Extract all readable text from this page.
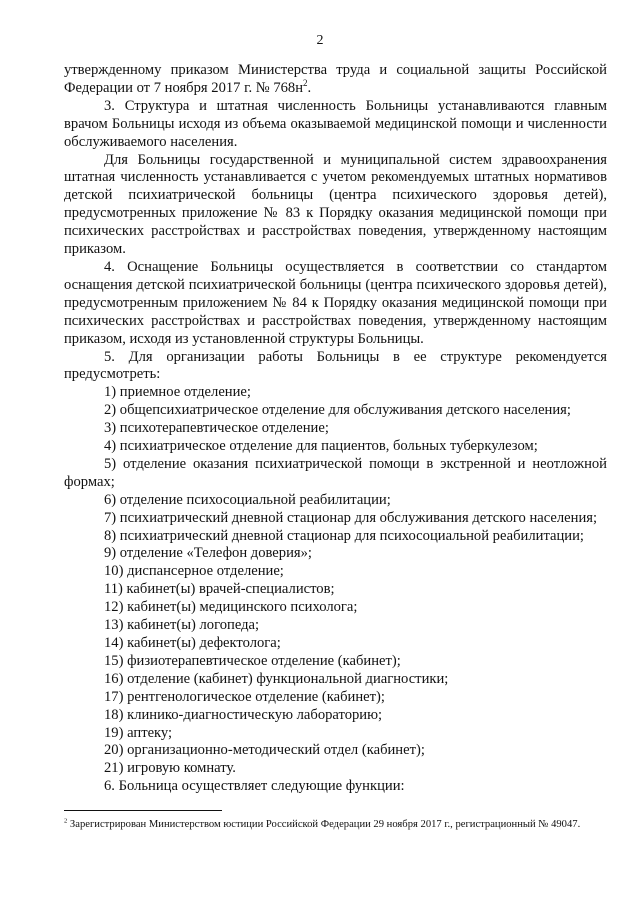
2

утвержденному приказом Министерства труда и социальной защиты Российской Федерации от 7 ноября 2017 г. № $768н^2$.

3. Структура и штатная численность Больницы устанавливаются главным врачом Больницы исходя из объема оказываемой медицинской помощи и численности обслуживаемого населения.

Для Больницы государственной и муниципальной систем здравоохранения штатная численность устанавливается с учетом рекомендуемых штатных нормативов детской психиатрической больницы (центра психического здоровья детей), предусмотренных приложение № 83 к Порядку оказания медицинской помощи при психических расстройствах и расстройствах поведения, утвержденному настоящим приказом.

4. Оснащение Больницы осуществляется в соответствии со стандартом оснащения детской психиатрической больницы (центра психического здоровья детей), предусмотренным приложением № 84 к Порядку оказания медицинской помощи при психических расстройствах и расстройствах поведения, утвержденному настоящим приказом, исходя из установленной структуры Больницы.

5. Для организации работы Больницы в ее структуре рекомендуется предусмотреть:

1) приемное отделение;

2) общепсихиатрическое отделение для обслуживания детского населения;

3) психотерапевтическое отделение;

4) психиатрическое отделение для пациентов, больных туберкулезом;

5) отделение оказания психиатрической помощи в экстренной и неотложной формах;

6) отделение психосоциальной реабилитации;

7) психиатрический дневной стационар для обслуживания детского населения;

8) психиатрический дневной стационар для психосоциальной реабилитации;

9) отделение «Телефон доверия»;

10) диспансерное отделение;

11) кабинет(ы) врачей-специалистов;

12) кабинет(ы) медицинского психолога;

13) кабинет(ы) логопеда;

14) кабинет(ы) дефектолога;

15) физиотерапевтическое отделение (кабинет);

16) отделение (кабинет) функциональной диагностики;

17) рентгенологическое отделение (кабинет);

18) клинико-диагностическую лабораторию;

19) аптеку;

20) организационно-методический отдел (кабинет);

21) игровую комнату.

6. Больница осуществляет следующие функции:

$^2$ Зарегистрирован Министерством юстиции Российской Федерации 29 ноября 2017 г., регистрационный № 49047.
